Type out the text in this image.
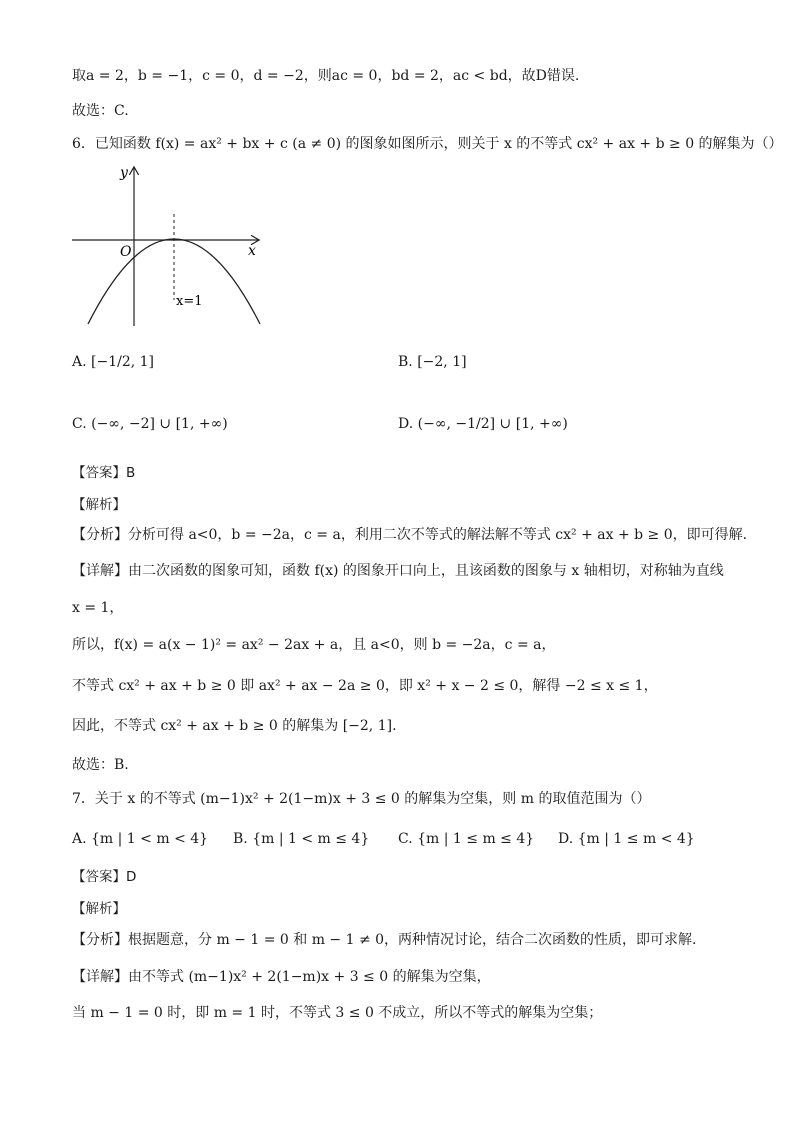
取a = 2，b = −1，c = 0，d = −2，则ac = 0，bd = 2，ac < bd，故D错误.
故选：C.
6．已知函数 f(x) = ax² + bx + c (a ≠ 0) 的图象如图所示，则关于 x 的不等式 cx² + ax + b ≥ 0 的解集为（）
y
x
O
x=1
A. [−1/2, 1]	B. [−2, 1]
C. (−∞, −2] ∪ [1, +∞)	D. (−∞, −1/2] ∪ [1, +∞)
【答案】B
【解析】
【分析】分析可得 a<0，b = −2a，c = a，利用二次不等式的解法解不等式 cx² + ax + b ≥ 0，即可得解.
【详解】由二次函数的图象可知，函数 f(x) 的图象开口向上，且该函数的图象与 x 轴相切，对称轴为直线
x = 1，
所以，f(x) = a(x − 1)² = ax² − 2ax + a，且 a<0，则 b = −2a，c = a，
不等式 cx² + ax + b ≥ 0 即 ax² + ax − 2a ≥ 0，即 x² + x − 2 ≤ 0，解得 −2 ≤ x ≤ 1，
因此，不等式 cx² + ax + b ≥ 0 的解集为 [−2, 1].
故选：B.
7．关于 x 的不等式 (m−1)x² + 2(1−m)x + 3 ≤ 0 的解集为空集，则 m 的取值范围为（）
A. {m | 1 < m < 4} B. {m | 1 < m ≤ 4} C. {m | 1 ≤ m ≤ 4} D. {m | 1 ≤ m < 4}
【答案】D
【解析】
【分析】根据题意，分 m − 1 = 0 和 m − 1 ≠ 0，两种情况讨论，结合二次函数的性质，即可求解.
【详解】由不等式 (m−1)x² + 2(1−m)x + 3 ≤ 0 的解集为空集，
当 m − 1 = 0 时，即 m = 1 时，不等式 3 ≤ 0 不成立，所以不等式的解集为空集；
